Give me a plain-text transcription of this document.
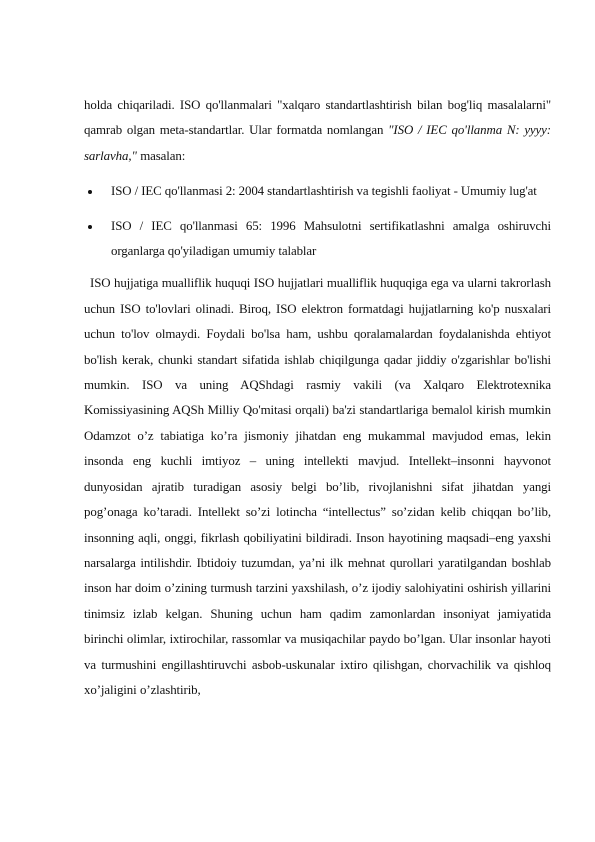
holda chiqariladi. ISO qo'llanmalari "xalqaro standartlashtirish bilan bog'liq masalalarni" qamrab olgan meta-standartlar. Ular formatda nomlangan "ISO / IEC qo'llanma N: yyyy: sarlavha," masalan:

ISO / IEC qo'llanmasi 2: 2004 standartlashtirish va tegishli faoliyat - Umumiy lug'at
ISO / IEC qo'llanmasi 65: 1996 Mahsulotni sertifikatlashni amalga oshiruvchi organlarga qo'yiladigan umumiy talablar

ISO hujjatiga mualliflik huquqi ISO hujjatlari mualliflik huquqiga ega va ularni takrorlash uchun ISO to'lovlari olinadi. Biroq, ISO elektron formatdagi hujjatlarning ko'p nusxalari uchun to'lov olmaydi. Foydali bo'lsa ham, ushbu qoralamalardan foydalanishda ehtiyot bo'lish kerak, chunki standart sifatida ishlab chiqilgunga qadar jiddiy o'zgarishlar bo'lishi mumkin. ISO va uning AQShdagi rasmiy vakili (va Xalqaro Elektrotexnika Komissiyasining AQSh Milliy Qo'mitasi orqali) ba'zi standartlariga bemalol kirish mumkin Odamzot o’z tabiatiga ko’ra jismoniy jihatdan eng mukammal mavjudod emas, lekin insonda eng kuchli imtiyoz – uning intellekti mavjud. Intellekt–insonni hayvonot dunyosidan ajratib turadigan asosiy belgi bo’lib, rivojlanishni sifat jihatdan yangi pog’onaga ko’taradi. Intellekt so’zi lotincha “intellectus” so’zidan kelib chiqqan bo’lib, insonning aqli, onggi, fikrlash qobiliyatini bildiradi. Inson hayotining maqsadi–eng yaxshi narsalarga intilishdir. Ibtidoiy tuzumdan, ya’ni ilk mehnat qurollari yaratilgandan boshlab inson har doim o’zining turmush tarzini yaxshilash, o’z ijodiy salohiyatini oshirish yillarini tinimsiz izlab kelgan. Shuning uchun ham qadim zamonlardan insoniyat jamiyatida birinchi olimlar, ixtirochilar, rassomlar va musiqachilar paydo bo’lgan. Ular insonlar hayoti va turmushini engillashtiruvchi asbob-uskunalar ixtiro qilishgan, chorvachilik va qishloq xo’jaligini o’zlashtirib,
